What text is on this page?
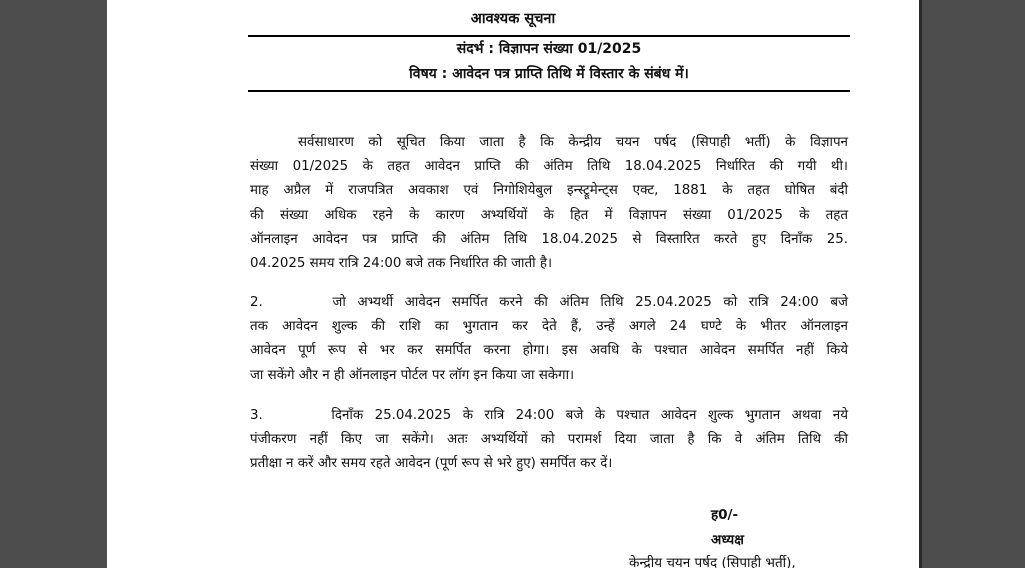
आवश्यक सूचना

संदर्भ : विज्ञापन संख्या 01/2025

विषय : आवेदन पत्र प्राप्ति तिथि में विस्तार के संबंध में।

सर्वसाधारण को सूचित किया जाता है कि केन्द्रीय चयन पर्षद (सिपाही भर्ती) के विज्ञापन
संख्या 01/2025 के तहत आवेदन प्राप्ति की अंतिम तिथि 18.04.2025 निर्धारित की गयी थी।
माह अप्रैल में राजपत्रित अवकाश एवं निगोशियेबुल इन्स्ट्रूमेन्ट्स एक्ट, 1881 के तहत घोषित बंदी
की संख्या अधिक रहने के कारण अभ्यर्थियों के हित में विज्ञापन संख्या 01/2025 के तहत
ऑनलाइन आवेदन पत्र प्राप्ति की अंतिम तिथि 18.04.2025 से विस्तारित करते हुए दिनाँक 25.
04.2025 समय रात्रि 24:00 बजे तक निर्धारित की जाती है।

2.      जो अभ्यर्थी आवेदन समर्पित करने की अंतिम तिथि 25.04.2025 को रात्रि 24:00 बजे
तक आवेदन शुल्क की राशि का भुगतान कर देते हैं, उन्हें अगले 24 घण्टे के भीतर ऑनलाइन
आवेदन पूर्ण रूप से भर कर समर्पित करना होगा। इस अवधि के पश्चात आवेदन समर्पित नहीं किये
जा सकेंगे और न ही ऑनलाइन पोर्टल पर लॉग इन किया जा सकेगा।

3.      दिनाँक 25.04.2025 के रात्रि 24:00 बजे के पश्चात आवेदन शुल्क भुगतान अथवा नये
पंजीकरण नहीं किए जा सकेंगे। अतः अभ्यर्थियों को परामर्श दिया जाता है कि वे अंतिम तिथि की
प्रतीक्षा न करें और समय रहते आवेदन (पूर्ण रूप से भरे हुए) समर्पित कर दें।

ह0/-

अध्यक्ष

केन्द्रीय चयन पर्षद (सिपाही भर्ती),
